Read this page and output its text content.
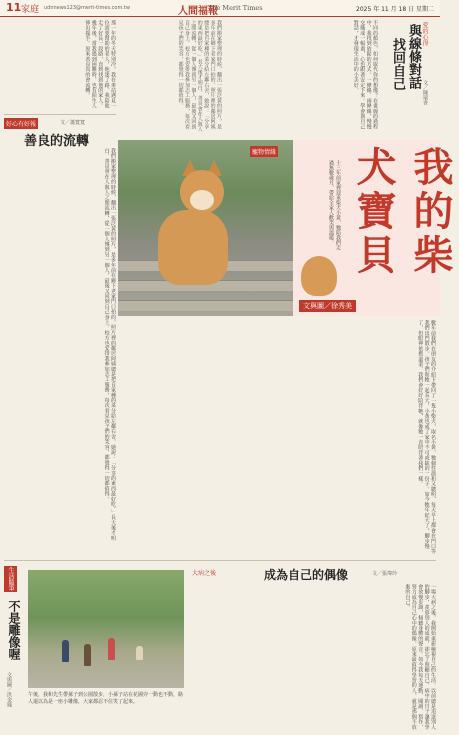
11 家庭 udnnews123@merit-times.com.tw	人間福報
The Merit Times	2025 年 11 月 18 日 星期二
愛的心得
與線條對話
找回自己
文／陳瑞香
不同的顏色，如何取代你的想像？在畫線的過程中，我找到放鬆的方式。一條線、兩條線，慢慢交織成一幅畫，心也跟著安定下來。學會與自己對話，才發現生活中的小美好。
我們搬家整理的時候，翻出一張泛黃的照片，是多年前在鄉下老家門口拍的。照片裡的鄰居阿姨總是把自家種的菜分給左鄰右舍，她說：「分享的東西最好吃。」長大後才明白，善良會在人與人之間流轉，從一個人傳到另一個人，最後又回到自己身上。校方也安排我參加志工服務，每次看見孩子們的笑容，都覺得一切都值得。
那一年的冬天特別冷，我在車站遇見一位需要幫助的老人，他迷了路。我陪他走了好長一段路，直到找到他的家人。幾年後，當我遇到困難時，也有陌生人伸出援手。原來善良真的會流轉。
好心有好報	文／蕭寬寬
善良的流轉
我們搬家整理的時候，翻出一張泛黃的照片，是多年前在鄉下老家門口拍的。照片裡的鄰居阿姨總是把自家種的菜分給左鄰右舍，她說：「分享的東西最好吃。」長大後才明白，善良會在人與人之間流轉，從一個人傳到另一個人，最後又回到自己身上。校方也安排我參加志工服務，每次看見孩子們的笑容，都覺得一切都值得。	寵物情緣	我的柴犬寶貝
十三年前家裡迎來柴犬小黃，牠陪我們走過無數歲月，帶給全家人歡笑與溫暖。
文與圖／徐秀美
數年前我們在朋友的介紹下帶回了一隻小柴犬，取名小黃。牠個性溫和又聰明，每天早上都會在門口等我們出門散步。孩子們和牠一起長大，小黃也成了家中不可或缺的一份子。如今牠年紀大了，腳步慢了，但眼神依舊溫柔。我們會好好陪伴牠，就像牠一直陪伴著我們一樣。
生活隨筆
不是雕像喔
文與圖／洪金鳳	午後，我和先生帶孫子到公園散步，小孫子站在花圃旁一動也不動，路人還以為是一座小雕像，大家都忍不住笑了起來。
大病之後	成為自己的偶像	文／張瑋玲
一場大病之後，我開始重新檢視自己的生活。以前總是追逐別人的腳步，羨慕別人的成就，卻忘了照顧自己。病中的日子讓我學會放慢步調，傾聽身體的聲音。如今我每天運動、閱讀、寫作，努力成為自己心中的偶像。原來最值得學習的人，就是那個不放棄的自己。
